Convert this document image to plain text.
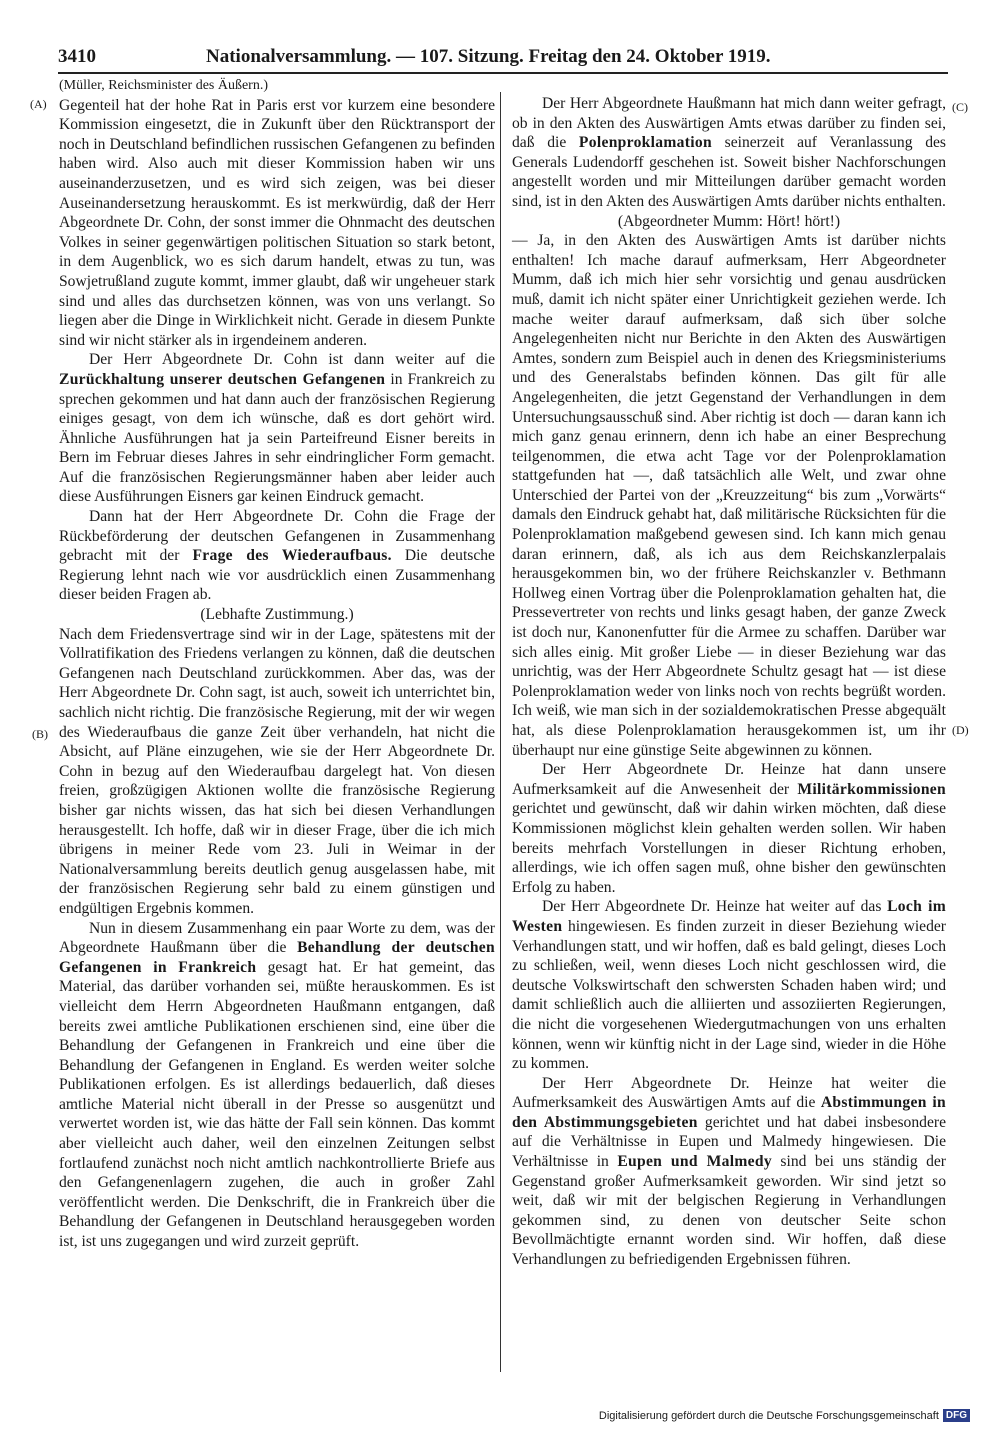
3410	Nationalversammlung. — 107. Sitzung. Freitag den 24. Oktober 1919.
(A)
(B)
(C)
(D)

(Müller, Reichsminister des Äußern.)

Gegenteil hat der hohe Rat in Paris erst vor kurzem eine besondere Kommission eingesetzt, die in Zukunft über den Rücktransport der noch in Deutschland befindlichen russischen Gefangenen zu befinden haben wird. Also auch mit dieser Kommission haben wir uns auseinanderzusetzen, und es wird sich zeigen, was bei dieser Auseinandersetzung herauskommt. Es ist merkwürdig, daß der Herr Abgeordnete Dr. Cohn, der sonst immer die Ohnmacht des deutschen Volkes in seiner gegenwärtigen politischen Situation so stark betont, in dem Augenblick, wo es sich darum handelt, etwas zu tun, was Sowjetrußland zugute kommt, immer glaubt, daß wir ungeheuer stark sind und alles das durchsetzen können, was von uns verlangt. So liegen aber die Dinge in Wirklichkeit nicht. Gerade in diesem Punkte sind wir nicht stärker als in irgendeinem anderen.

Der Herr Abgeordnete Dr. Cohn ist dann weiter auf die Zurückhaltung unserer deutschen Gefangenen in Frankreich zu sprechen gekommen und hat dann auch der französischen Regierung einiges gesagt, von dem ich wünsche, daß es dort gehört wird. Ähnliche Ausführungen hat ja sein Parteifreund Eisner bereits in Bern im Februar dieses Jahres in sehr eindringlicher Form gemacht. Auf die französischen Regierungsmänner haben aber leider auch diese Ausführungen Eisners gar keinen Eindruck gemacht.

Dann hat der Herr Abgeordnete Dr. Cohn die Frage der Rückbeförderung der deutschen Gefangenen in Zusammenhang gebracht mit der Frage des Wiederaufbaus. Die deutsche Regierung lehnt nach wie vor ausdrücklich einen Zusammenhang dieser beiden Fragen ab.

(Lebhafte Zustimmung.)

Nach dem Friedensvertrage sind wir in der Lage, spätestens mit der Vollratifikation des Friedens verlangen zu können, daß die deutschen Gefangenen nach Deutschland zurückkommen. Aber das, was der Herr Abgeordnete Dr. Cohn sagt, ist auch, soweit ich unterrichtet bin, sachlich nicht richtig. Die französische Regierung, mit der wir wegen des Wiederaufbaus die ganze Zeit über verhandeln, hat nicht die Absicht, auf Pläne einzugehen, wie sie der Herr Abgeordnete Dr. Cohn in bezug auf den Wiederaufbau dargelegt hat. Von diesen freien, großzügigen Aktionen wollte die französische Regierung bisher gar nichts wissen, das hat sich bei diesen Verhandlungen herausgestellt. Ich hoffe, daß wir in dieser Frage, über die ich mich übrigens in meiner Rede vom 23. Juli in Weimar in der Nationalversammlung bereits deutlich genug ausgelassen habe, mit der französischen Regierung sehr bald zu einem günstigen und endgültigen Ergebnis kommen.

Nun in diesem Zusammenhang ein paar Worte zu dem, was der Abgeordnete Haußmann über die Behandlung der deutschen Gefangenen in Frankreich gesagt hat. Er hat gemeint, das Material, das darüber vorhanden sei, müßte herauskommen. Es ist vielleicht dem Herrn Abgeordneten Haußmann entgangen, daß bereits zwei amtliche Publikationen erschienen sind, eine über die Behandlung der Gefangenen in Frankreich und eine über die Behandlung der Gefangenen in England. Es werden weiter solche Publikationen erfolgen. Es ist allerdings bedauerlich, daß dieses amtliche Material nicht überall in der Presse so ausgenützt und verwertet worden ist, wie das hätte der Fall sein können. Das kommt aber vielleicht auch daher, weil den einzelnen Zeitungen selbst fortlaufend zunächst noch nicht amtlich nachkontrollierte Briefe aus den Gefangenenlagern zugehen, die auch in großer Zahl veröffentlicht werden. Die Denkschrift, die in Frankreich über die Behandlung der Gefangenen in Deutschland herausgegeben worden ist, ist uns zugegangen und wird zurzeit geprüft.

Der Herr Abgeordnete Haußmann hat mich dann weiter gefragt, ob in den Akten des Auswärtigen Amts etwas darüber zu finden sei, daß die Polenproklamation seinerzeit auf Veranlassung des Generals Ludendorff geschehen ist. Soweit bisher Nachforschungen angestellt worden und mir Mitteilungen darüber gemacht worden sind, ist in den Akten des Auswärtigen Amts darüber nichts enthalten.

(Abgeordneter Mumm: Hört! hört!)

— Ja, in den Akten des Auswärtigen Amts ist darüber nichts enthalten! Ich mache darauf aufmerksam, Herr Abgeordneter Mumm, daß ich mich hier sehr vorsichtig und genau ausdrücken muß, damit ich nicht später einer Unrichtigkeit geziehen werde. Ich mache weiter darauf aufmerksam, daß sich über solche Angelegenheiten nicht nur Berichte in den Akten des Auswärtigen Amtes, sondern zum Beispiel auch in denen des Kriegsministeriums und des Generalstabs befinden können. Das gilt für alle Angelegenheiten, die jetzt Gegenstand der Verhandlungen in dem Untersuchungsausschuß sind. Aber richtig ist doch — daran kann ich mich ganz genau erinnern, denn ich habe an einer Besprechung teilgenommen, die etwa acht Tage vor der Polenproklamation stattgefunden hat —, daß tatsächlich alle Welt, und zwar ohne Unterschied der Partei von der „Kreuzzeitung“ bis zum „Vorwärts“ damals den Eindruck gehabt hat, daß militärische Rücksichten für die Polenproklamation maßgebend gewesen sind. Ich kann mich genau daran erinnern, daß, als ich aus dem Reichskanzlerpalais herausgekommen bin, wo der frühere Reichskanzler v. Bethmann Hollweg einen Vortrag über die Polenproklamation gehalten hat, die Pressevertreter von rechts und links gesagt haben, der ganze Zweck ist doch nur, Kanonenfutter für die Armee zu schaffen. Darüber war sich alles einig. Mit großer Liebe — in dieser Beziehung war das unrichtig, was der Herr Abgeordnete Schultz gesagt hat — ist diese Polenproklamation weder von links noch von rechts begrüßt worden. Ich weiß, wie man sich in der sozialdemokratischen Presse abgequält hat, als diese Polenproklamation herausgekommen ist, um ihr überhaupt nur eine günstige Seite abgewinnen zu können.

Der Herr Abgeordnete Dr. Heinze hat dann unsere Aufmerksamkeit auf die Anwesenheit der Militärkommissionen gerichtet und gewünscht, daß wir dahin wirken möchten, daß diese Kommissionen möglichst klein gehalten werden sollen. Wir haben bereits mehrfach Vorstellungen in dieser Richtung erhoben, allerdings, wie ich offen sagen muß, ohne bisher den gewünschten Erfolg zu haben.

Der Herr Abgeordnete Dr. Heinze hat weiter auf das Loch im Westen hingewiesen. Es finden zurzeit in dieser Beziehung wieder Verhandlungen statt, und wir hoffen, daß es bald gelingt, dieses Loch zu schließen, weil, wenn dieses Loch nicht geschlossen wird, die deutsche Volkswirtschaft den schwersten Schaden haben wird; und damit schließlich auch die alliierten und assoziierten Regierungen, die nicht die vorgesehenen Wiedergutmachungen von uns erhalten können, wenn wir künftig nicht in der Lage sind, wieder in die Höhe zu kommen.

Der Herr Abgeordnete Dr. Heinze hat weiter die Aufmerksamkeit des Auswärtigen Amts auf die Abstimmungen in den Abstimmungsgebieten gerichtet und hat dabei insbesondere auf die Verhältnisse in Eupen und Malmedy hingewiesen. Die Verhältnisse in Eupen und Malmedy sind bei uns ständig der Gegenstand großer Aufmerksamkeit geworden. Wir sind jetzt so weit, daß wir mit der belgischen Regierung in Verhandlungen gekommen sind, zu denen von deutscher Seite schon Bevollmächtigte ernannt worden sind. Wir hoffen, daß diese Verhandlungen zu befriedigenden Ergebnissen führen.

Digitalisierung gefördert durch die Deutsche Forschungsgemeinschaft DFG
